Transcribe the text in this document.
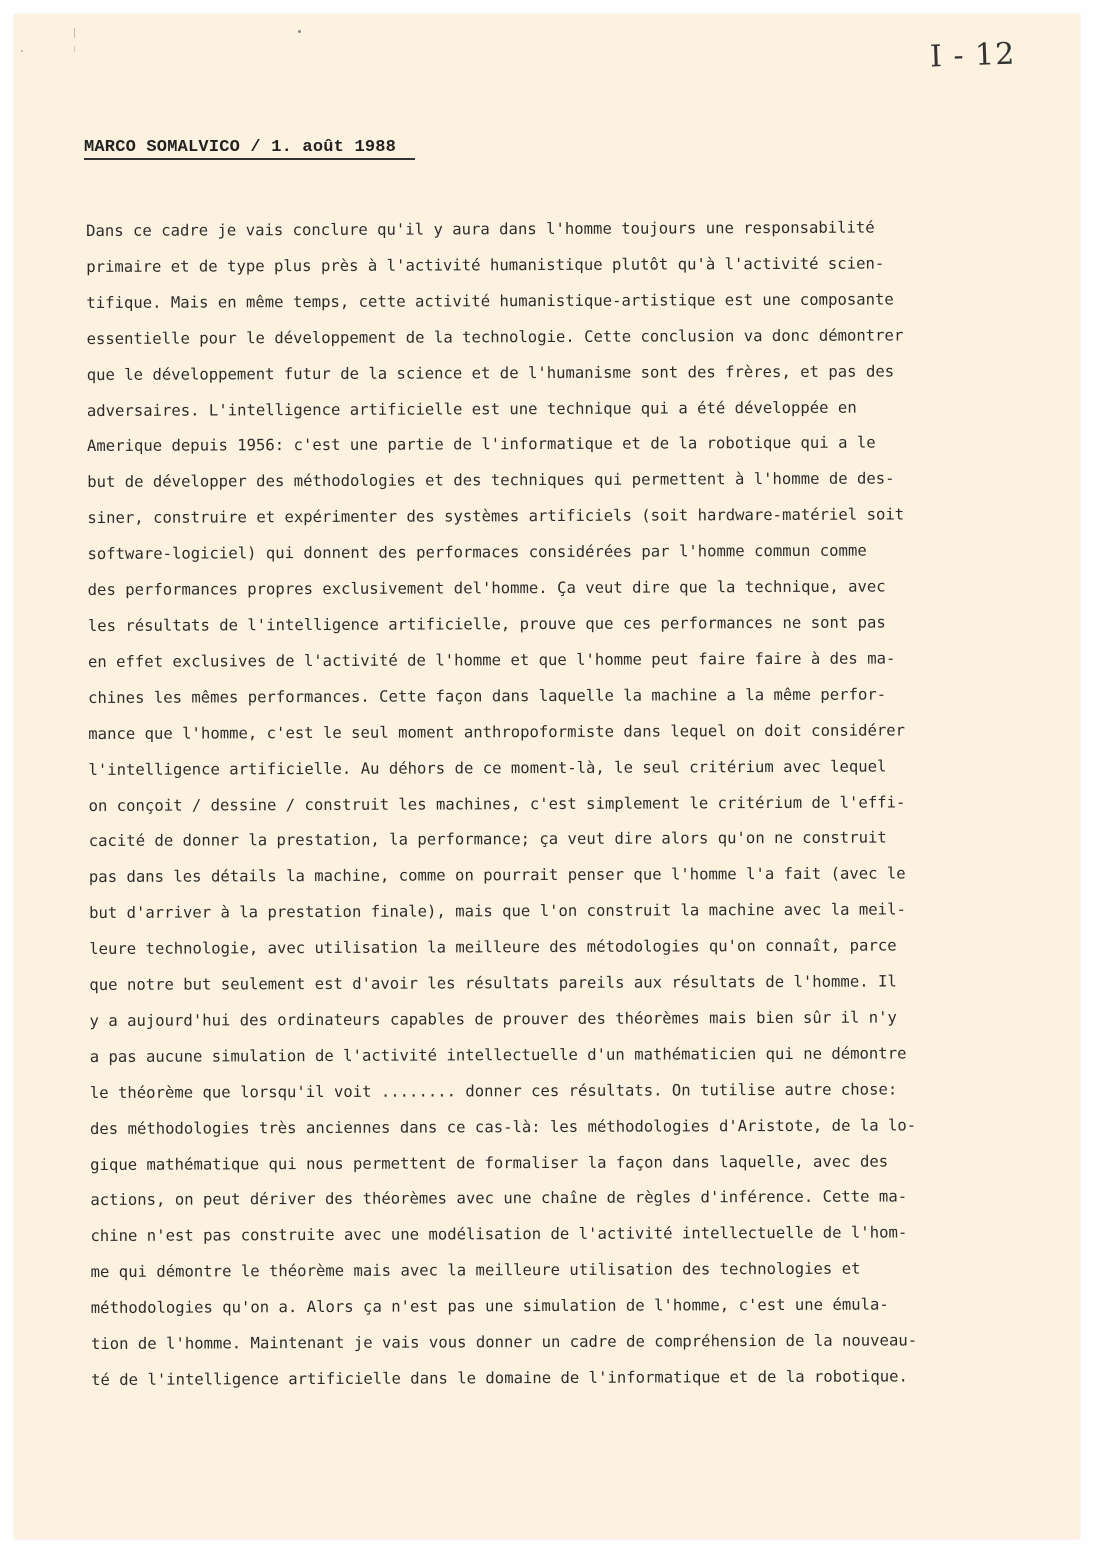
I - 12
MARCO SOMALVICO / 1. août 1988

Dans ce cadre je vais conclure qu'il y aura dans l'homme toujours une responsabilité

primaire et de type plus près à l'activité humanistique plutôt qu'à l'activité scien-

tifique. Mais en même temps, cette activité humanistique-artistique est une composante

essentielle pour le développement de la technologie. Cette conclusion va donc démontrer

que le développement futur de la science et de l'humanisme sont des frères, et pas des

adversaires. L'intelligence artificielle est une technique qui a été développée en

Amerique depuis 1956: c'est une partie de l'informatique et de la robotique qui a le

but de développer des méthodologies et des techniques qui permettent à l'homme de des-

siner, construire et expérimenter des systèmes artificiels (soit hardware-matériel soit

software-logiciel) qui donnent des performaces considérées par l'homme commun comme

des performances propres exclusivement del'homme. Ça veut dire que la technique, avec

les résultats de l'intelligence artificielle, prouve que ces performances ne sont pas

en effet exclusives de l'activité de l'homme et que l'homme peut faire faire à des ma-

chines les mêmes performances. Cette façon dans laquelle la machine a la même perfor-

mance que l'homme, c'est le seul moment anthropoformiste dans lequel on doit considérer

l'intelligence artificielle. Au déhors de ce moment-là, le seul critérium avec lequel

on conçoit / dessine / construit les machines, c'est simplement le critérium de l'effi-

cacité de donner la prestation, la performance; ça veut dire alors qu'on ne construit

pas dans les détails la machine, comme on pourrait penser que l'homme l'a fait (avec le

but d'arriver à la prestation finale), mais que l'on construit la machine avec la meil-

leure technologie, avec utilisation la meilleure des métodologies qu'on connaît, parce

que notre but seulement est d'avoir les résultats pareils aux résultats de l'homme. Il

y a aujourd'hui des ordinateurs capables de prouver des théorèmes mais bien sûr il n'y

a pas aucune simulation de l'activité intellectuelle d'un mathématicien qui ne démontre

le théorème que lorsqu'il voit ........ donner ces résultats. On tutilise autre chose:

des méthodologies très anciennes dans ce cas-là: les méthodologies d'Aristote, de la lo-

gique mathématique qui nous permettent de formaliser la façon dans laquelle, avec des

actions, on peut dériver des théorèmes avec une chaîne de règles d'inférence. Cette ma-

chine n'est pas construite avec une modélisation de l'activité intellectuelle de l'hom-

me qui démontre le théorème mais avec la meilleure utilisation des technologies et

méthodologies qu'on a. Alors ça n'est pas une simulation de l'homme, c'est une émula-

tion de l'homme. Maintenant je vais vous donner un cadre de compréhension de la nouveau-

té de l'intelligence artificielle dans le domaine de l'informatique et de la robotique.
